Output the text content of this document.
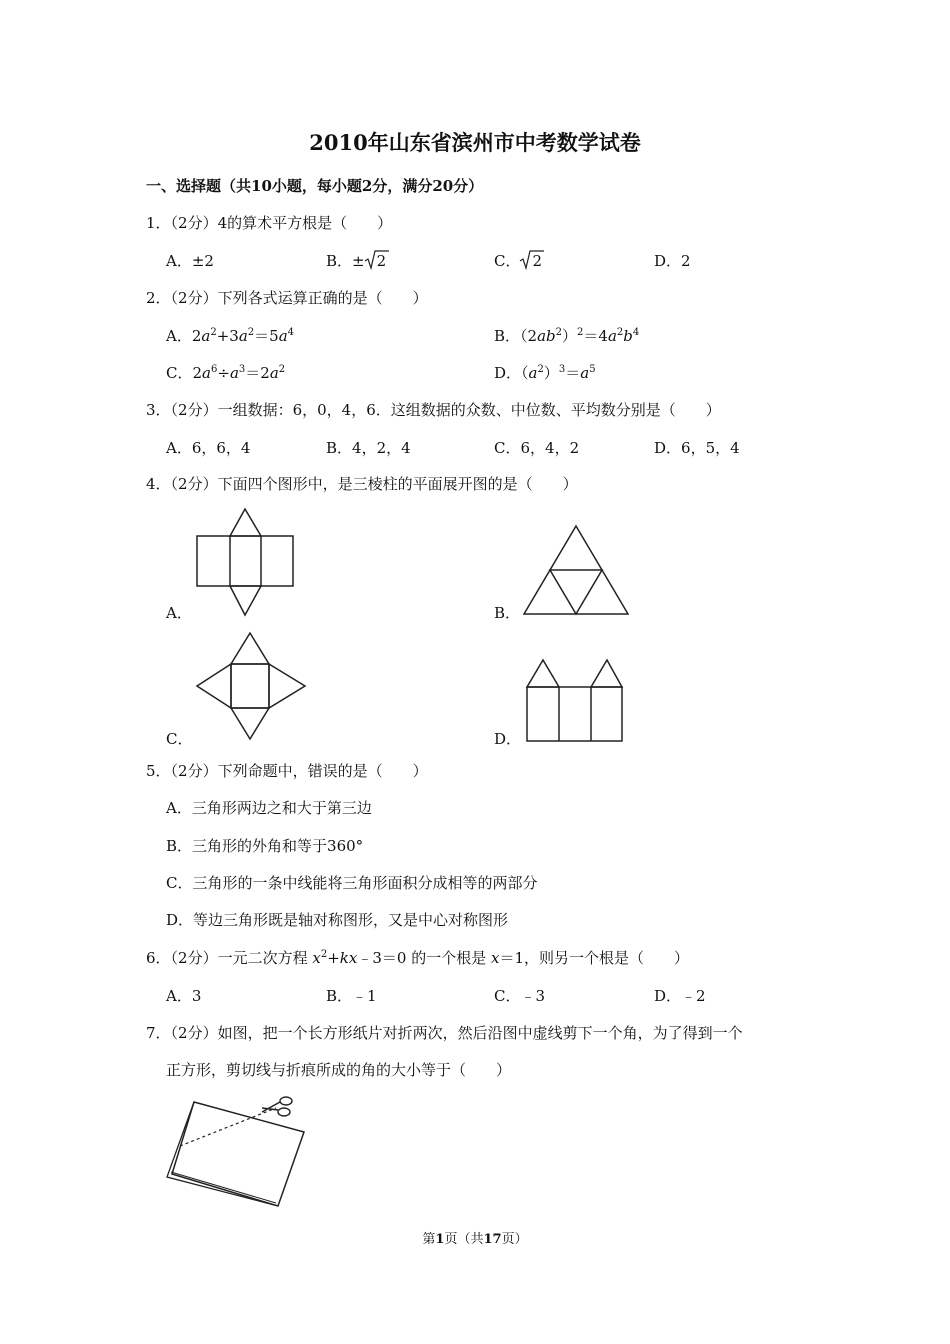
2010年山东省滨州市中考数学试卷
一、选择题（共10小题，每小题2分，满分20分）
1．（2分）4的算术平方根是（　　）
A．±2	B．± 2	C． 2	D．2
2．（2分）下列各式运算正确的是（　　）
A．$2a^2+3a^2=5a^4$	B．$(2ab^2)^2=4a^2b^4$
C．$2a^6\div a^3=2a^2$	D．$(a^2)^3=a^5$
3．（2分）一组数据：6，0，4，6．这组数据的众数、中位数、平均数分别是（　　）
A．6，6，4	B．4，2，4	C．6，4，2	D．6，5，4
4．（2分）下面四个图形中，是三棱柱的平面展开图的是（　　）
A．	B．
C．	D．
5．（2分）下列命题中，错误的是（　　）
A．三角形两边之和大于第三边
B．三角形的外角和等于360°
C．三角形的一条中线能将三角形面积分成相等的两部分
D．等边三角形既是轴对称图形，又是中心对称图形
6．（2分）一元二次方程 $x^2+kx﹣3=0$ 的一个根是 x＝1，则另一个根是（　　）
A．3	B．﹣1	C．﹣3	D．﹣2
7．（2分）如图，把一个长方形纸片对折两次，然后沿图中虚线剪下一个角，为了得到一个
正方形，剪切线与折痕所成的角的大小等于（　　）
第1页（共17页）
